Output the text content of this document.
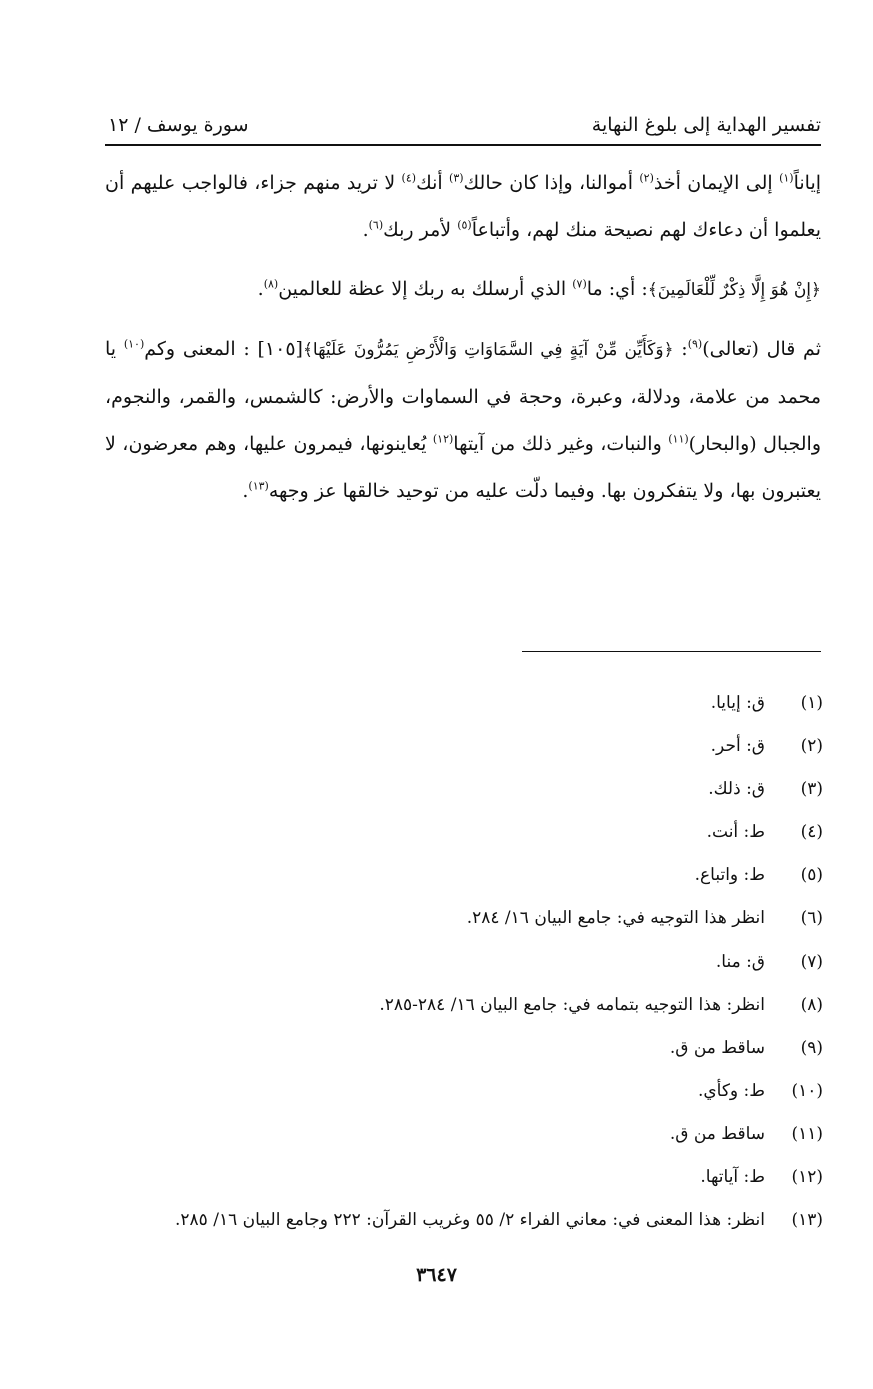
تفسير الهداية إلى بلوغ النهاية
سورة يوسف / ١٢

إياناً$^{(١)}$ إلى الإيمان أخذ$^{(٢)}$ أموالنا، وإذا كان حالك$^{(٣)}$ أنك$^{(٤)}$ لا تريد منهم جزاء، فالواجب عليهم أن يعلموا أن دعاءك لهم نصيحة منك لهم، وأتباعاً$^{(٥)}$ لأمر ربك$^{(٦)}$.

﴿إِنْ هُوَ إِلَّا ذِكْرٌ لِّلْعَالَمِينَ﴾: أي: ما$^{(٧)}$ الذي أرسلك به ربك إلا عظة للعالمين$^{(٨)}$.

ثم قال (تعالى)$^{(٩)}$: ﴿وَكَأَيِّن مِّنْ آيَةٍ فِي السَّمَاوَاتِ وَالْأَرْضِ يَمُرُّونَ عَلَيْهَا﴾[١٠٥] : المعنى وكم$^{(١٠)}$ يا محمد من علامة، ودلالة، وعبرة، وحجة في السماوات والأرض: كالشمس، والقمر، والنجوم، والجبال (والبحار)$^{(١١)}$ والنبات، وغير ذلك من آيتها$^{(١٢)}$ يُعاينونها، فيمرون عليها، وهم معرضون، لا يعتبرون بها، ولا يتفكرون بها. وفيما دلّت عليه من توحيد خالقها عز وجهه$^{(١٣)}$.

(١)
ق: إيايا.
(٢)
ق: أحر.
(٣)
ق: ذلك.
(٤)
ط: أنت.
(٥)
ط: واتباع.
(٦)
انظر هذا التوجيه في: جامع البيان ١٦/ ٢٨٤.
(٧)
ق: منا.
(٨)
انظر: هذا التوجيه بتمامه في: جامع البيان ١٦/ ٢٨٤-٢٨٥.
(٩)
ساقط من ق.
(١٠)
ط: وكأي.
(١١)
ساقط من ق.
(١٢)
ط: آياتها.
(١٣)
انظر: هذا المعنى في: معاني الفراء ٢/ ٥٥ وغريب القرآن: ٢٢٢ وجامع البيان ١٦/ ٢٨٥.
٣٦٤٧
